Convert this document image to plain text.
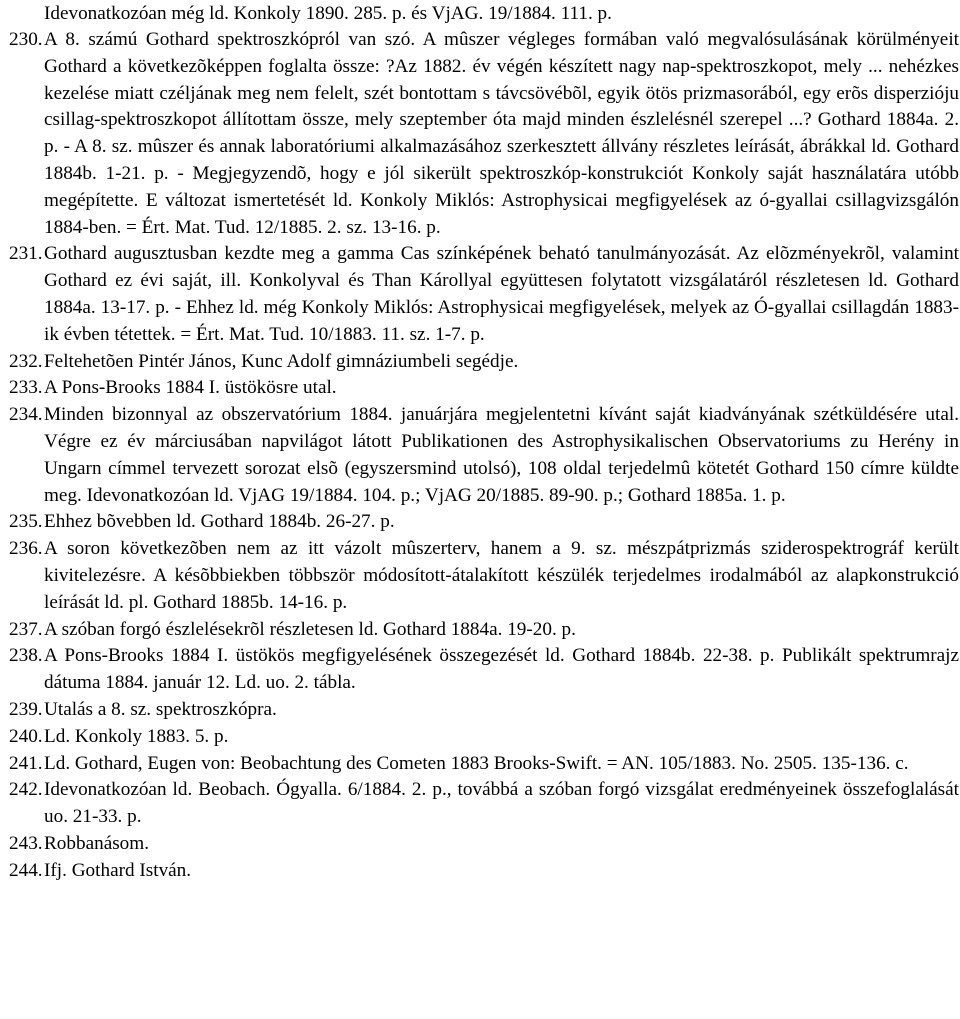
Idevonatkozóan még ld. Konkoly 1890. 285. p. és VjAG. 19/1884. 111. p.

230.A 8. számú Gothard spektroszkópról van szó. A mûszer végleges formában való megvalósulásának körülményeit Gothard a következõképpen foglalta össze: ?Az 1882. év végén készített nagy nap-spektroszkopot, mely ... nehézkes kezelése miatt czéljának meg nem felelt, szét bontottam s távcsövébõl, egyik ötös prizmasorából, egy erõs disperzióju csillag-spektroszkopot állítottam össze, mely szeptember óta majd minden észlelésnél szerepel ...? Gothard 1884a. 2. p. - A 8. sz. mûszer és annak laboratóriumi alkalmazásához szerkesztett állvány részletes leírását, ábrákkal ld. Gothard 1884b. 1-21. p. - Megjegyzendõ, hogy e jól sikerült spektroszkóp-konstrukciót Konkoly saját használatára utóbb megépítette. E változat ismertetését ld. Konkoly Miklós: Astrophysicai megfigyelések az ó-gyallai csillagvizsgálón 1884-ben. = Ért. Mat. Tud. 12/1885. 2. sz. 13-16. p.

231.Gothard augusztusban kezdte meg a gamma Cas színképének beható tanulmányozását. Az elõzményekrõl, valamint Gothard ez évi saját, ill. Konkolyval és Than Károllyal együttesen folytatott vizsgálatáról részletesen ld. Gothard 1884a. 13-17. p. - Ehhez ld. még Konkoly Miklós: Astrophysicai megfigyelések, melyek az Ó-gyallai csillagdán 1883-ik évben tétettek. = Ért. Mat. Tud. 10/1883. 11. sz. 1-7. p.

232.Feltehetõen Pintér János, Kunc Adolf gimnáziumbeli segédje.

233.A Pons-Brooks 1884 I. üstökösre utal.

234.Minden bizonnyal az obszervatórium 1884. januárjára megjelentetni kívánt saját kiadványának szétküldésére utal. Végre ez év márciusában napvilágot látott Publikationen des Astrophysikalischen Observatoriums zu Herény in Ungarn címmel tervezett sorozat elsõ (egyszersmind utolsó), 108 oldal terjedelmû kötetét Gothard 150 címre küldte meg. Idevonatkozóan ld. VjAG 19/1884. 104. p.; VjAG 20/1885. 89-90. p.; Gothard 1885a. 1. p.

235.Ehhez bõvebben ld. Gothard 1884b. 26-27. p.

236.A soron következõben nem az itt vázolt mûszerterv, hanem a 9. sz. mészpátprizmás sziderospektrográf került kivitelezésre. A késõbbiekben többször módosított-átalakított készülék terjedelmes irodalmából az alapkonstrukció leírását ld. pl. Gothard 1885b. 14-16. p.

237.A szóban forgó észlelésekrõl részletesen ld. Gothard 1884a. 19-20. p.

238.A Pons-Brooks 1884 I. üstökös megfigyelésének összegezését ld. Gothard 1884b. 22-38. p. Publikált spektrumrajz dátuma 1884. január 12. Ld. uo. 2. tábla.

239.Utalás a 8. sz. spektroszkópra.

240.Ld. Konkoly 1883. 5. p.

241.Ld. Gothard, Eugen von: Beobachtung des Cometen 1883 Brooks-Swift. = AN. 105/1883. No. 2505. 135-136. c.

242.Idevonatkozóan ld. Beobach. Ógyalla. 6/1884. 2. p., továbbá a szóban forgó vizsgálat eredményeinek összefoglalását uo. 21-33. p.

243.Robbanásom.

244.Ifj. Gothard István.
